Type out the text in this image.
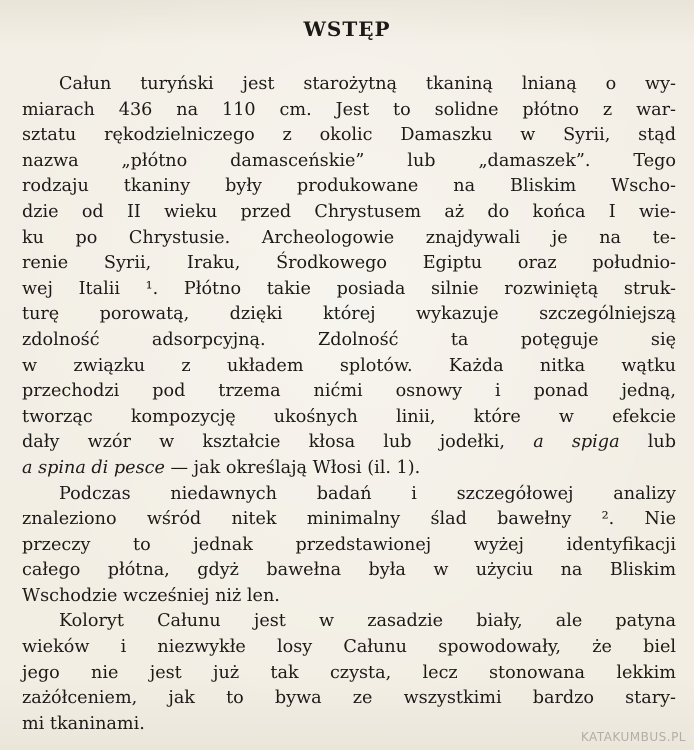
WSTĘP
Całun turyński jest starożytną tkaniną lnianą o wy-
miarach 436 na 110 cm. Jest to solidne płótno z war-
sztatu rękodzielniczego z okolic Damaszku w Syrii, stąd
nazwa „płótno damasceńskie” lub „damaszek”. Tego
rodzaju tkaniny były produkowane na Bliskim Wscho-
dzie od II wieku przed Chrystusem aż do końca I wie-
ku po Chrystusie. Archeologowie znajdywali je na te-
renie Syrii, Iraku, Środkowego Egiptu oraz południo-
wej Italii ¹. Płótno takie posiada silnie rozwiniętą struk-
turę porowatą, dzięki której wykazuje szczególniejszą
zdolność adsorpcyjną. Zdolność ta potęguje się
w związku z układem splotów. Każda nitka wątku
przechodzi pod trzema nićmi osnowy i ponad jedną,
tworząc kompozycję ukośnych linii, które w efekcie
dały wzór w kształcie kłosa lub jodełki, a spiga lub
a spina di pesce — jak określają Włosi (il. 1).
Podczas niedawnych badań i szczegółowej analizy
znaleziono wśród nitek minimalny ślad bawełny ². Nie
przeczy to jednak przedstawionej wyżej identyfikacji
całego płótna, gdyż bawełna była w użyciu na Bliskim
Wschodzie wcześniej niż len.
Koloryt Całunu jest w zasadzie biały, ale patyna
wieków i niezwykłe losy Całunu spowodowały, że biel
jego nie jest już tak czysta, lecz stonowana lekkim
zażółceniem, jak to bywa ze wszystkimi bardzo stary-
mi tkaninami.
KATAKUMBUS.PL
